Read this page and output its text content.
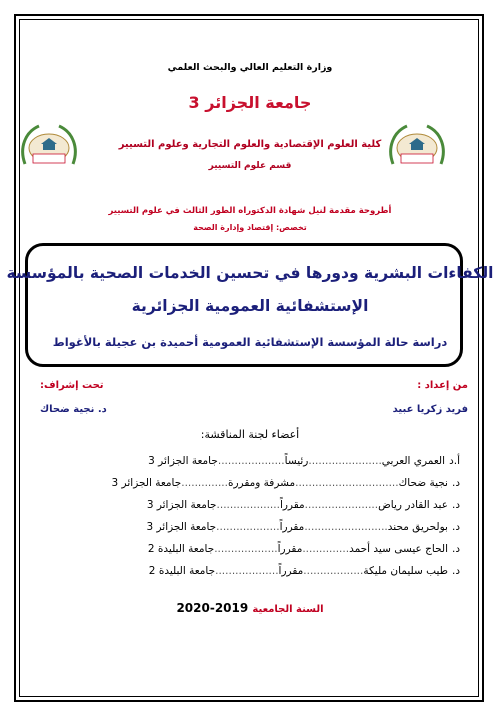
وزارة التعليم العالي والبحث العلمي
جامعة الجزائر 3
كلية العلوم الإقتصادية والعلوم التجارية وعلوم التسيير
قسم علوم التسيير
أطروحة مقدمة لنيل شهادة الدكتوراه الطور الثالث في علوم التسيير
تخصص: إقتصاد وإدارة الصحة
الكفاءات البشرية ودورها في تحسين الخدمات الصحية بالمؤسسة
الإستشفائية العمومية الجزائرية
دراسة حالة المؤسسة الإستشفائية العمومية أحميدة بن عجيلة بالأغواط
من إعداد :
تحت إشراف:
فريد زكريا عبيد
د. نجية ضحاك
أعضاء لجنة المناقشة:
أ.د
العمري العربي
......................
رئيساً
....................
جامعة الجزائر 3
د.
نجية ضحاك
...............................
مشرفة ومقررة
..............
جامعة الجزائر 3
د.
عبد القادر رياض
......................
مقرراً
...................
جامعة الجزائر 3
د.
بولحريق محند
.........................
مقرراً
...................
جامعة الجزائر 3
د.
الحاج عيسى سيد أحمد
..............
مقرراً
...................
جامعة البليدة 2
د.
طيب سليمان مليكة
..................
مقرراً
...................
جامعة البليدة 2
السنة الجامعية 2020-2019
